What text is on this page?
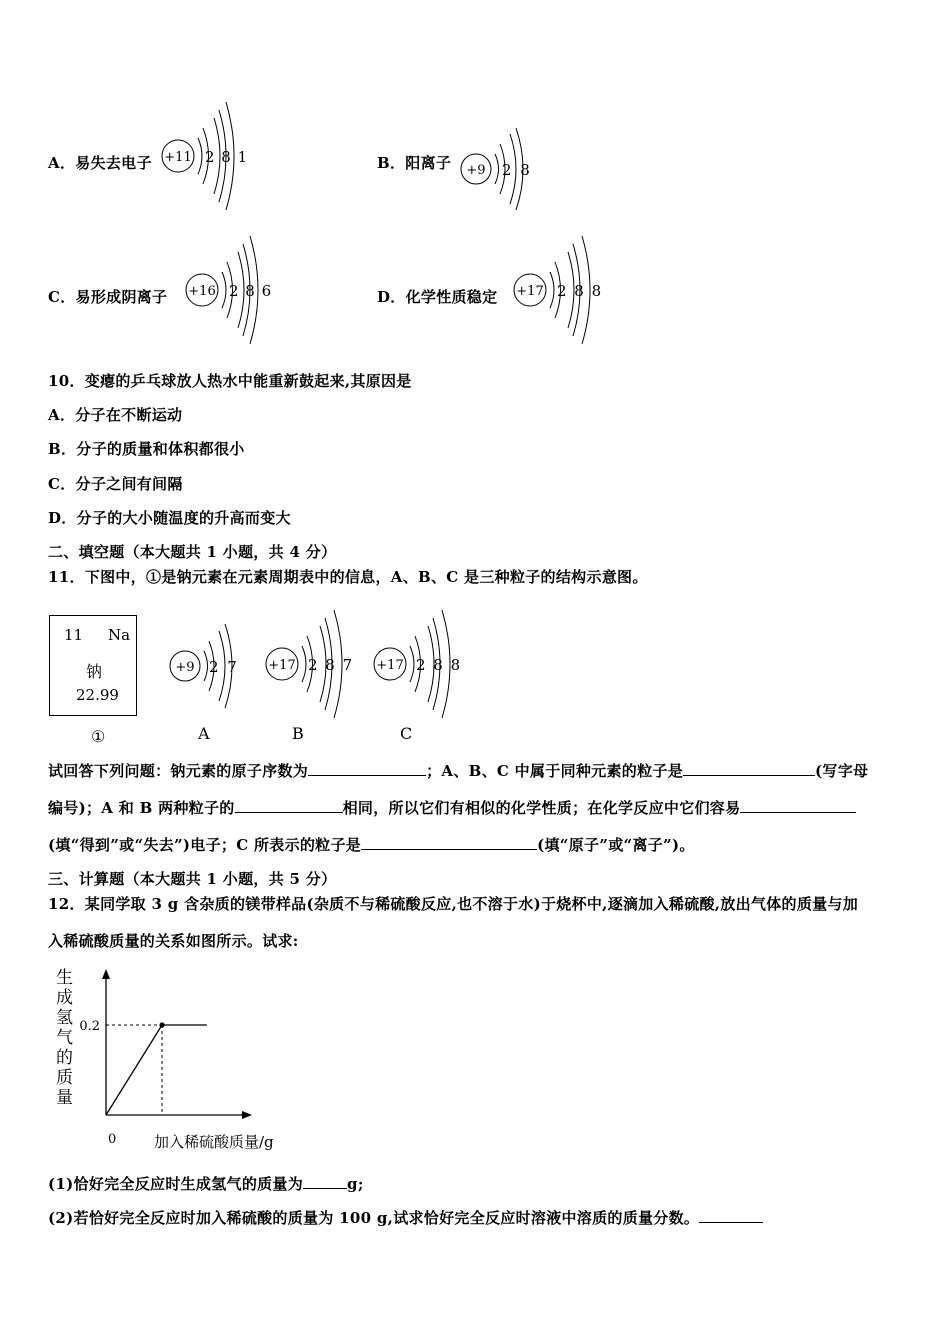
A．易失去电子 +11 2 8 1	B．阳离子 +9 2 8
C．易形成阴离子 +16 2 8 6	D．化学性质稳定 +17 2 8 8
10．变瘪的乒乓球放人热水中能重新鼓起来,其原因是
A．分子在不断运动
B．分子的质量和体积都很小
C．分子之间有间隔
D．分子的大小随温度的升高而变大
二、填空题（本大题共 1 小题，共 4 分）
11．下图中，①是钠元素在元素周期表中的信息，A、B、C 是三种粒子的结构示意图。
11 Na
钠
22.99
①
+9 2 7
A
+17 2 8 7
B
+17 2 8 8
C
试回答下列问题：钠元素的原子序数为	；A、B、C 中属于同种元素的粒子是	(写字母
编号)；A 和 B 两种粒子的	相同，所以它们有相似的化学性质；在化学反应中它们容易
(填“得到”或“失去”)电子；C 所表示的粒子是	(填“原子”或“离子”)。
三、计算题（本大题共 1 小题，共 5 分）
12．某同学取 3 g 含杂质的镁带样品(杂质不与稀硫酸反应,也不溶于水)于烧杯中,逐滴加入稀硫酸,放出气体的质量与加
入稀硫酸质量的关系如图所示。试求:
生
成
氢
气
的
质
量
0.2
0	加入稀硫酸质量/g
(1)恰好完全反应时生成氢气的质量为	g;
(2)若恰好完全反应时加入稀硫酸的质量为 100 g,试求恰好完全反应时溶液中溶质的质量分数。
